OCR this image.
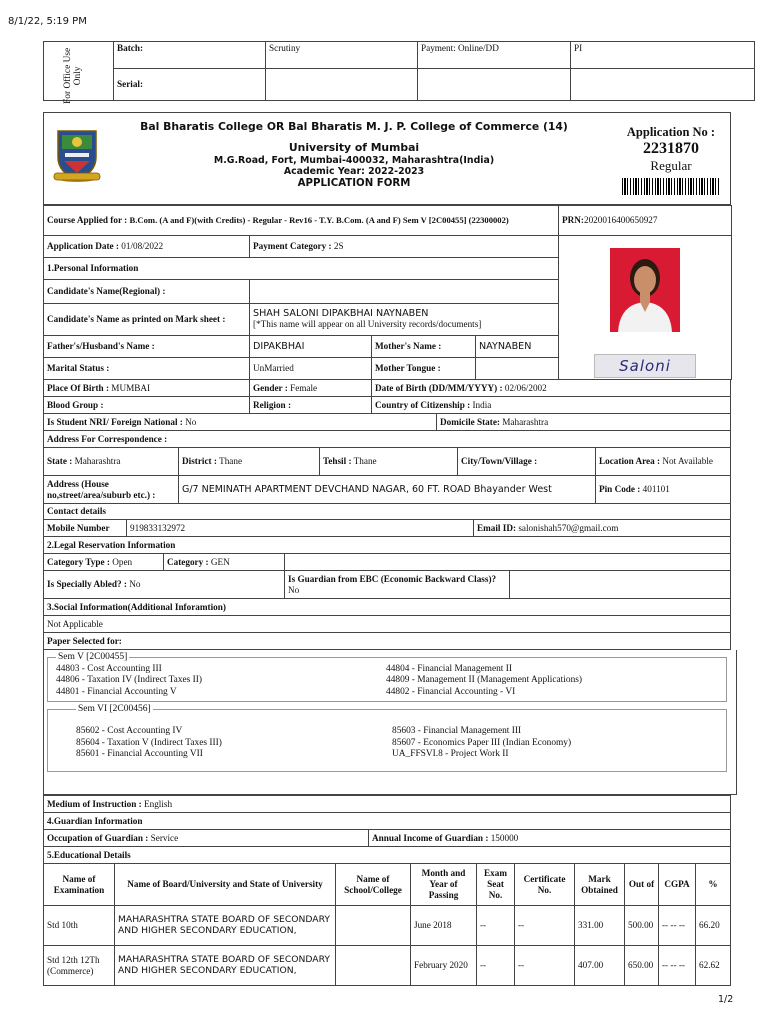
8/1/22, 5:19 PM
1/2
For Office Use Only	Batch:	Scrutiny	Payment: Online/DD	PI
	Serial:			
Bal Bharatis College OR Bal Bharatis M. J. P. College of Commerce (14)
University of Mumbai
M.G.Road, Fort, Mumbai-400032, Maharashtra(India)
Academic Year: 2022-2023
APPLICATION FORM
Application No :
2231870
Regular
Course Applied for : B.Com. (A and F)(with Credits) - Regular - Rev16 - T.Y. B.Com. (A and F) Sem V [2C00455] (22300002)				PRN:2020016400650927
Application Date : 01/08/2022	Payment Category : 2S			Saloni

1.Personal Information				
Candidate's Name(Regional) :				
Candidate's Name as printed on Mark sheet :	SHAH SALONI DIPAKBHAI NAYNABEN
[*This name will appear on all University records/documents]			

Father's/Husband's Name :	DIPAKBHAI	Mother's Name :	NAYNABEN	
Marital Status :	UnMarried	Mother Tongue :		
Place Of Birth : MUMBAI	Gender : Female	Date of Birth (DD/MM/YYYY) : 02/06/2002
Blood Group :	Religion :	Country of Citizenship : India
Is Student NRI/ Foreign National : No	Domicile State: Maharashtra
Address For Correspondence :
State : Maharashtra	District : Thane	Tehsil : Thane	City/Town/Village :	Location Area : Not Available
Address (House no,street/area/suburb etc.) :	G/7 NEMINATH APARTMENT DEVCHAND NAGAR, 60 FT. ROAD Bhayander West	Pin Code : 401101
Contact details
Mobile Number	919833132972	Email ID: salonishah570@gmail.com
2.Legal Reservation Information
Category Type : Open	Category : GEN		
Is Specially Abled? : No		Is Guardian from EBC (Economic Backward Class)? No	
3.Social Information(Additional Inforamtion)
Not Applicable
Paper Selected for:
Sem V [2C00455]
44803 - Cost Accounting III	44804 - Financial Management II
44806 - Taxation IV (Indirect Taxes II)	44809 - Management II (Management Applications)
44801 - Financial Accounting V	44802 - Financial Accounting - VI
Sem VI [2C00456]
85602 - Cost Accounting IV	85603 - Financial Management III
85604 - Taxation V (Indirect Taxes III)	85607 - Economics Paper III (Indian Economy)
85601 - Financial Accounting VII	UA_FFSVI.8 - Project Work II
Medium of Instruction : English
4.Guardian Information
Occupation of Guardian : Service	Annual Income of Guardian : 150000
5.Educational Details
Name of Examination	Name of Board/University and State of University	Name of School/College	Month and Year of Passing	Exam Seat No.	Certificate No.	Mark Obtained	Out of	CGPA	%
Std 10th	MAHARASHTRA STATE BOARD OF SECONDARY AND HIGHER SECONDARY EDUCATION,		June 2018	--	--	331.00	500.00	-- -- --	66.20
Std 12th 12Th (Commerce)	MAHARASHTRA STATE BOARD OF SECONDARY AND HIGHER SECONDARY EDUCATION,		February 2020	--	--	407.00	650.00	-- -- --	62.62
